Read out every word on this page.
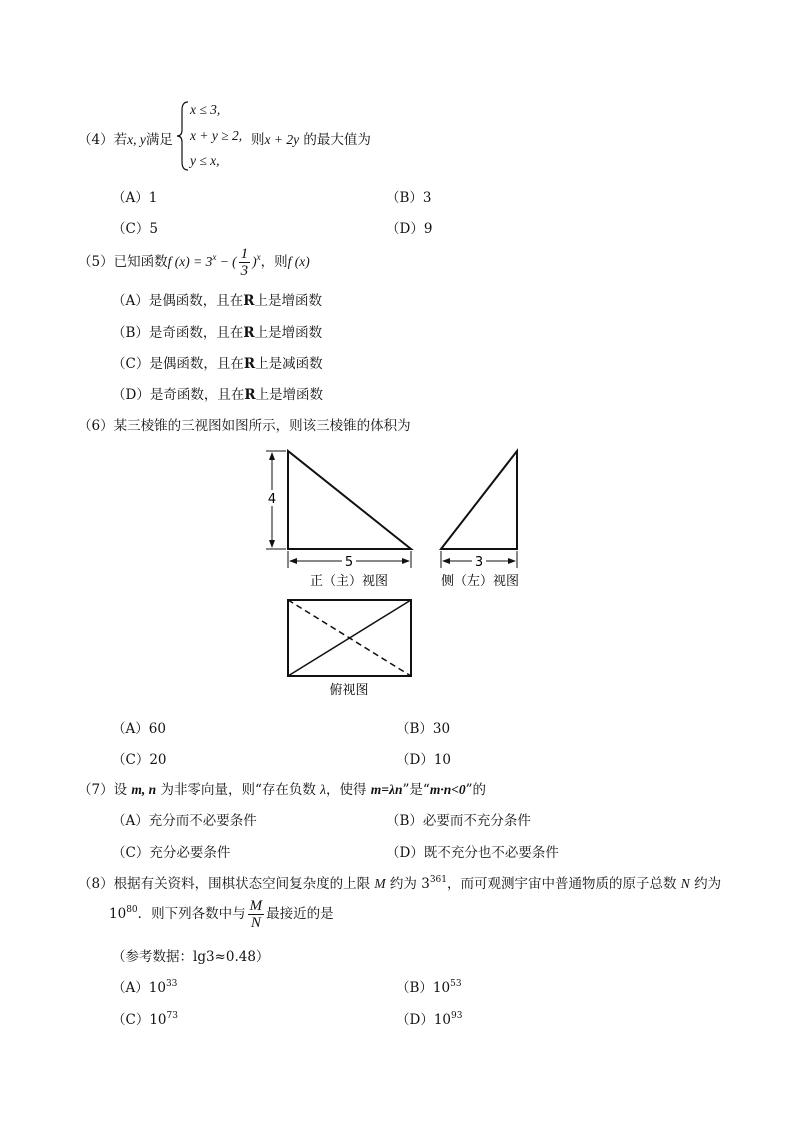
（4）若x, y满足
x ≤ 3,
x + y ≥ 2,
y ≤ x,
则x + 2y 的最大值为
（A）1	（B）3
（C）5	（D）9
（5）已知函数f $(x) = 3^x$ − ( $\frac{1}{3} )^x$，则f (x)
（A）是偶函数，且在R上是增函数
（B）是奇函数，且在R上是增函数
（C）是偶函数，且在R上是减函数
（D）是奇函数，且在R上是增函数
（6）某三棱锥的三视图如图所示，则该三棱锥的体积为
4
5
正（主）视图
3
侧（左）视图
俯视图
（A）60	（B）30
（C）20	（D）10
（7）设 m, n 为非零向量，则“存在负数 λ，使得 m=λn”是“m·n<0”的
（A）充分而不必要条件	（B）必要而不充分条件
（C）充分必要条件	（D）既不充分也不必要条件
（8）根据有关资料，围棋状态空间复杂度的上限 M 约为 $3^{361}$，而可观测宇宙中普通物质的原子总数 N 约为
$10^{80}$．则下列各数中与 $\frac{M}{N}$ 最接近的是
（参考数据：lg3≈0.48）
$(A)10^{33}$	$(B)10^{53}$
$(C)10^{73}$	$(D)10^{93}$
